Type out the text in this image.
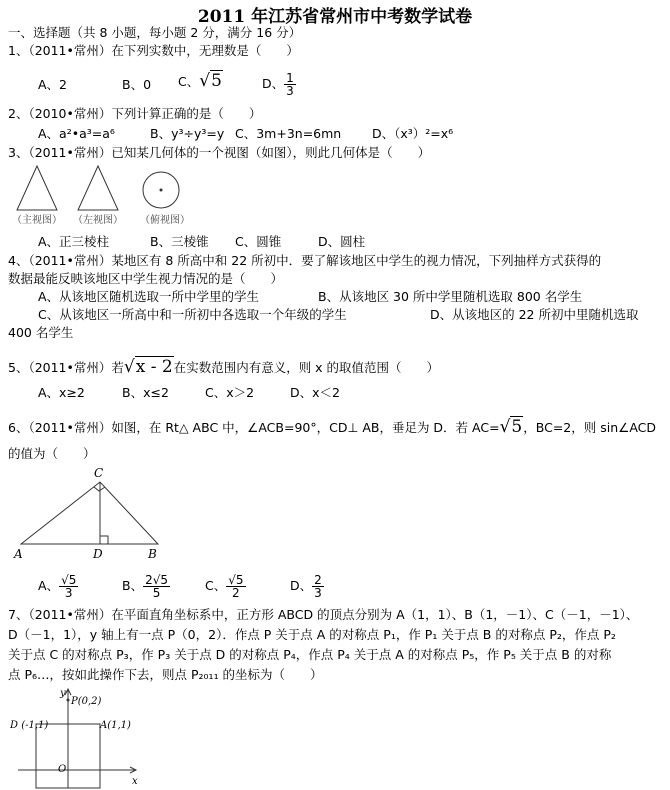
2011 年江苏省常州市中考数学试卷
一、选择题（共 8 小题，每小题 2 分，满分 16 分）
1、（2011•常州）在下列实数中，无理数是（　　）
A、2	B、0 C、√5	D、 $\frac{1}{3}$
2、（2010•常州）下列计算正确的是（　　）
A、a²•a³=a⁶	B、y³÷y³=y C、3m+3n=6mn D、（x³）²=x⁶
3、（2011•常州）已知某几何体的一个视图（如图），则此几何体是（　　）
（主视图） （左视图） （俯视图）
A、正三棱柱	B、三棱锥 C、圆锥	D、圆柱
4、（2011•常州）某地区有 8 所高中和 22 所初中．要了解该地区中学生的视力情况，下列抽样方式获得的
数据最能反映该地区中学生视力情况的是（　　）
A、从该地区随机选取一所中学里的学生	B、从该地区 30 所中学里随机选取 800 名学生
C、从该地区一所高中和一所初中各选取一个年级的学生	D、从该地区的 22 所初中里随机选取
400 名学生
5、（2011•常州）若√x - 2在实数范围内有意义，则 x 的取值范围（　　）
A、x≥2	B、x≤2	C、x＞2	D、x＜2
6、（2011•常州）如图，在 Rt△ ABC 中，∠ACB=90°，CD⊥ AB，垂足为 D．若 AC=√5，BC=2，则 sin∠ACD
的值为（　　）
C
A	D	B
A、 $\frac{√5}{3}$	B、 $\frac{2√5}{5}$	C、 $\frac{√5}{2}$	D、 $\frac{2}{3}$
7、（2011•常州）在平面直角坐标系中，正方形 ABCD 的顶点分别为 A（1，1）、B（1，－1）、C（－1，－1）、
D（－1，1），y 轴上有一点 P（0，2）．作点 P 关于点 A 的对称点 P₁，作 P₁ 关于点 B 的对称点 P₂，作点 P₂
关于点 C 的对称点 P₃，作 P₃ 关于点 D 的对称点 P₄，作点 P₄ 关于点 A 的对称点 P₅，作 P₅ 关于点 B 的对称
点 P₆…，按如此操作下去，则点 P₂₀₁₁ 的坐标为（　　）
y
P(0,2)
D (-1,1)	A(1,1)
O
x
